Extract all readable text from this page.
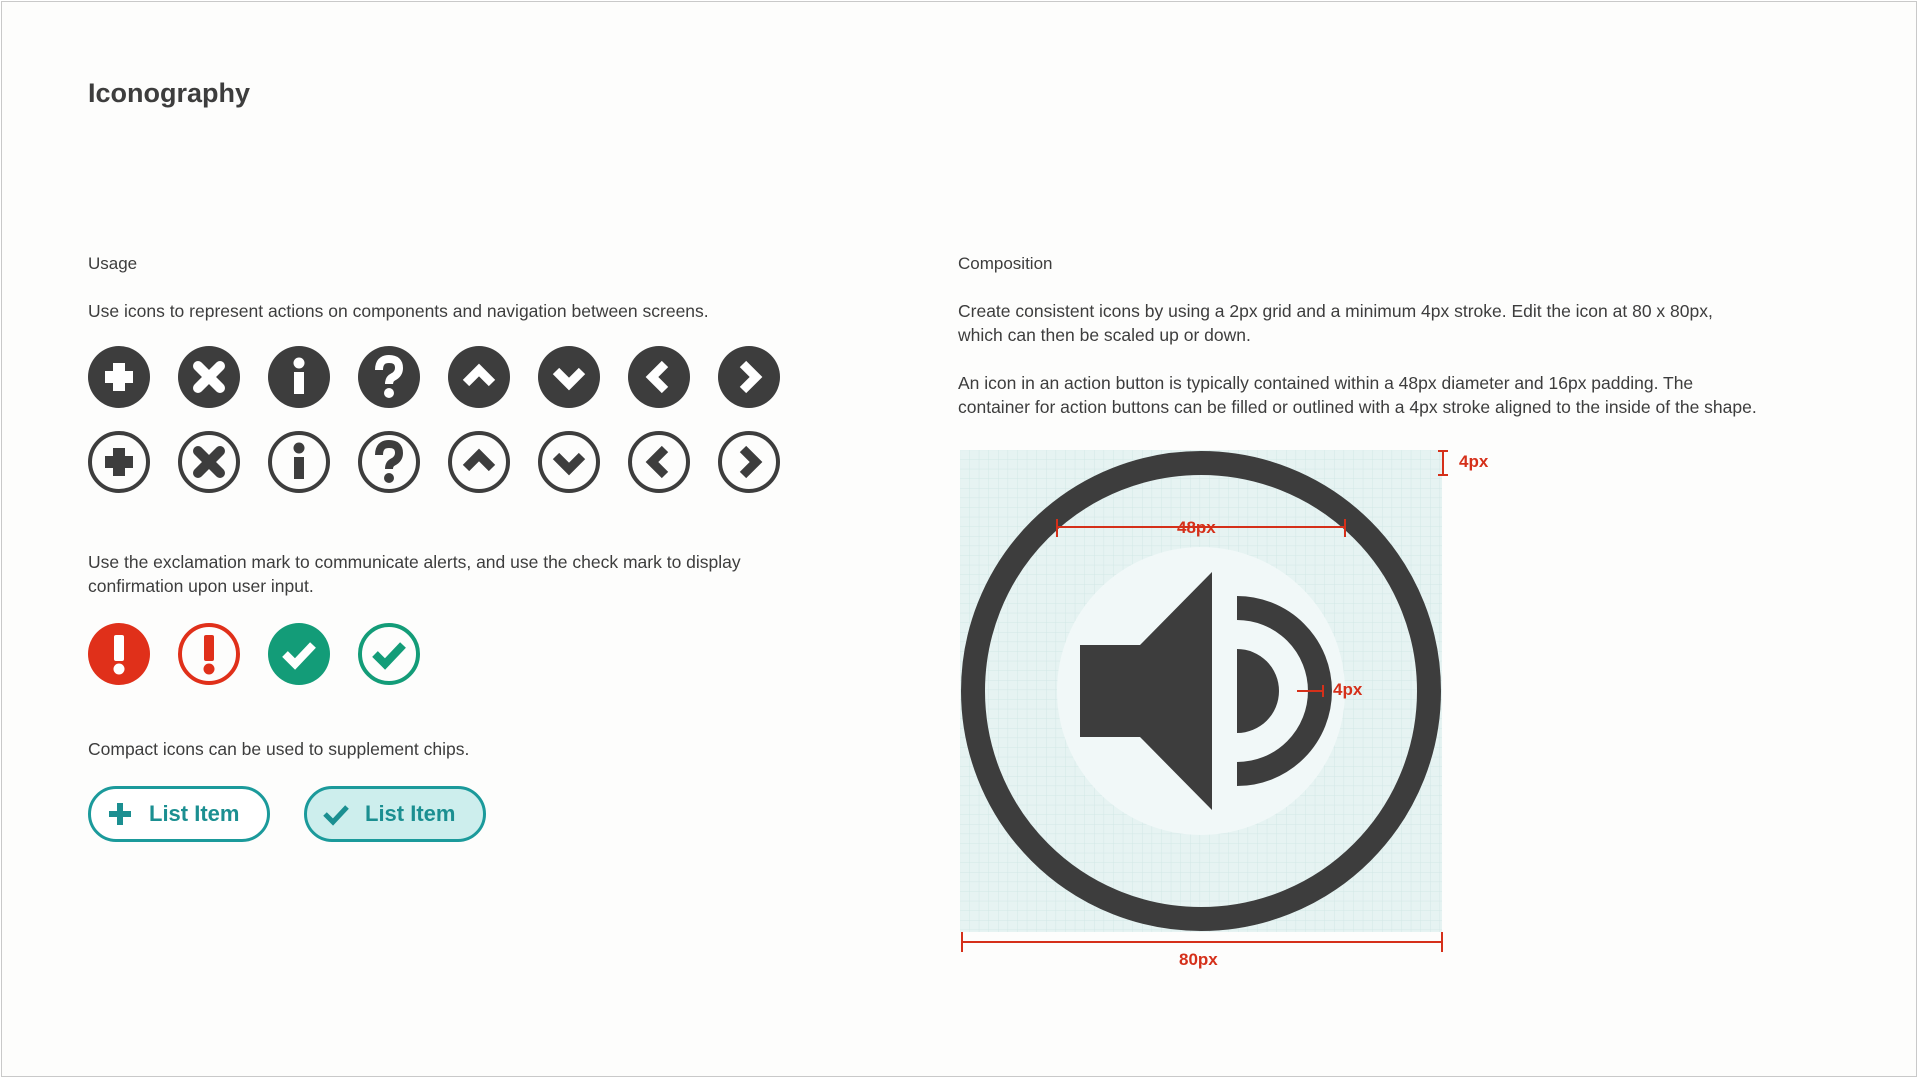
Iconography
Usage
Use icons to represent actions on components and navigation between screens.
Use the exclamation mark to communicate alerts, and use the check mark to display
confirmation upon user input.
Compact icons can be used to supplement chips.
List Item	List Item
Composition
Create consistent icons by using a 2px grid and a minimum 4px stroke. Edit the icon at 80 x 80px,
which can then be scaled up or down.
An icon in an action button is typically contained within a 48px diameter and 16px padding. The
container for action buttons can be filled or outlined with a 4px stroke aligned to the inside of the shape.
4px
48px
4px
80px
